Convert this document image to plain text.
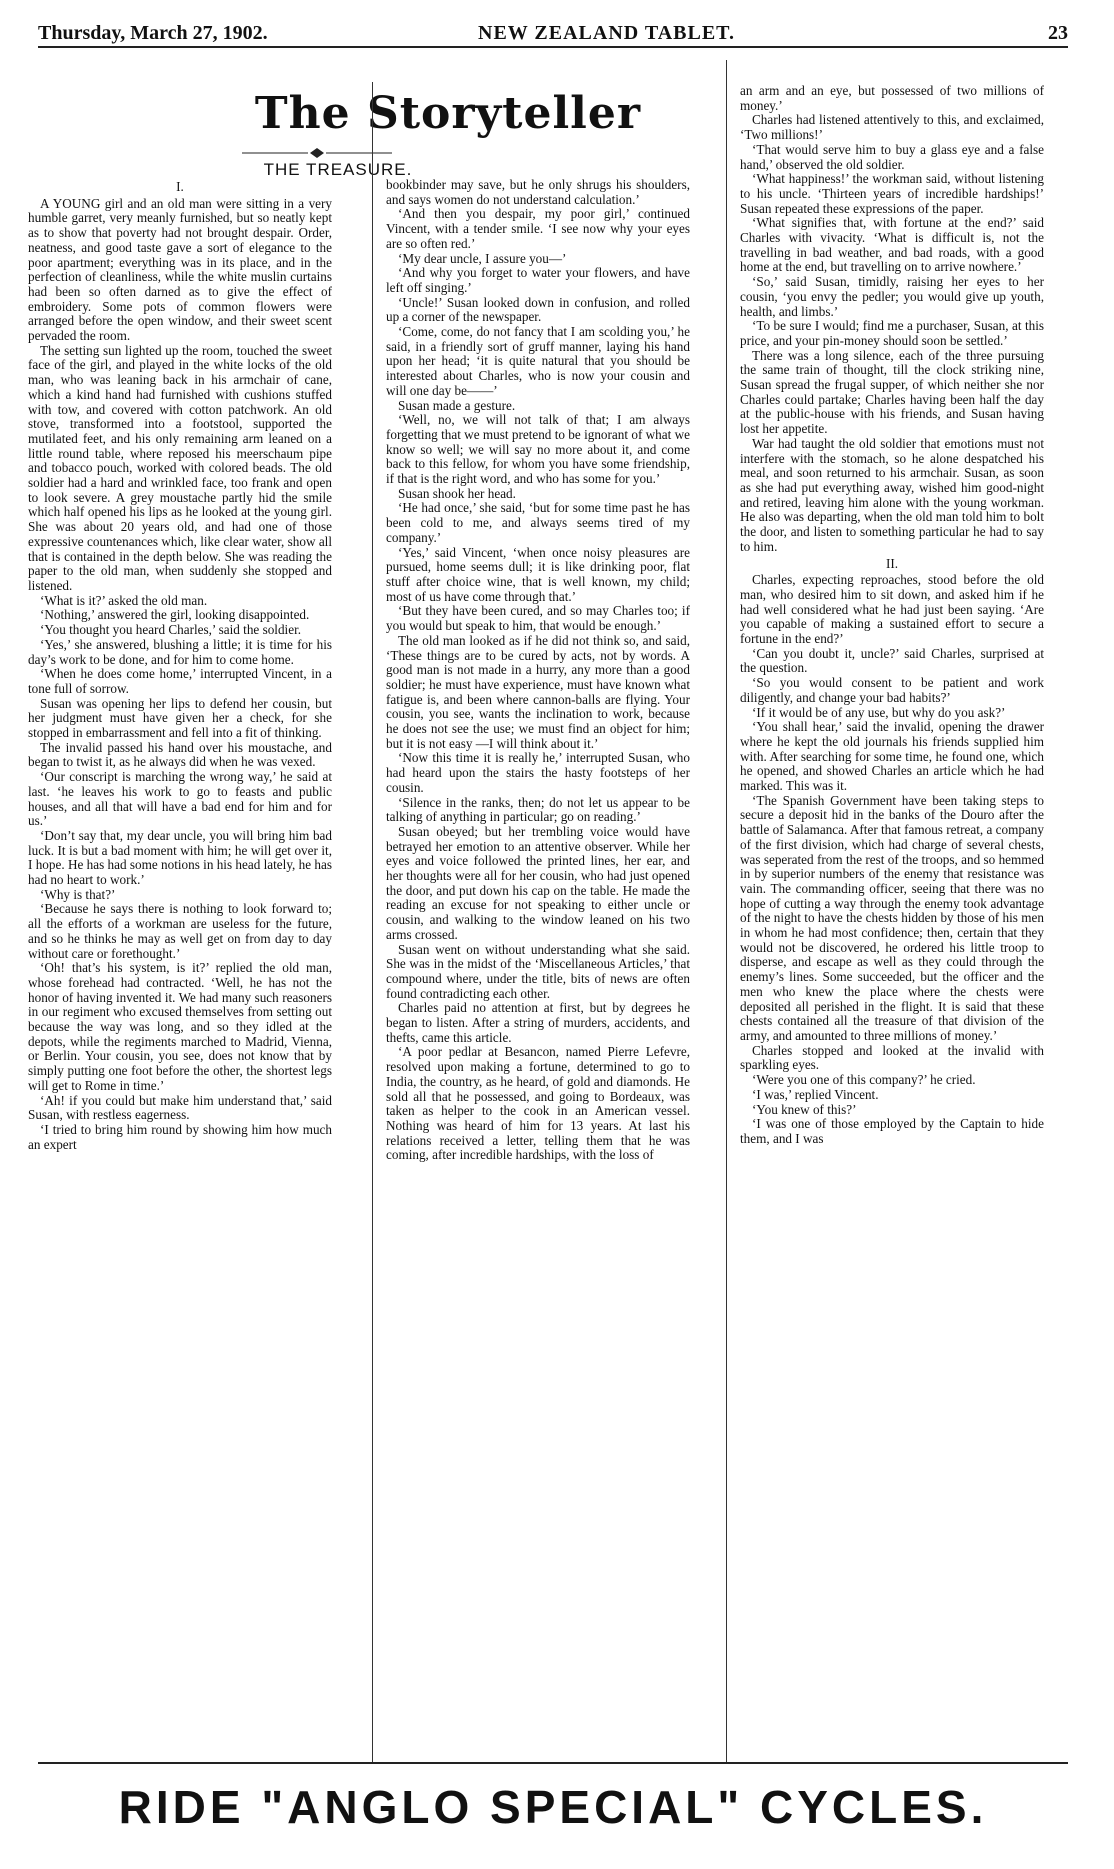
Thursday, March 27, 1902.	NEW ZEALAND TABLET.	23
The Storyteller
THE TREASURE.

I.

A YOUNG girl and an old man were sitting in a very humble garret, very meanly furnished, but so neatly kept as to show that poverty had not brought despair. Order, neatness, and good taste gave a sort of elegance to the poor apartment; everything was in its place, and in the perfection of cleanliness, while the white muslin curtains had been so often darned as to give the effect of embroidery. Some pots of common flowers were arranged before the open window, and their sweet scent pervaded the room.

The setting sun lighted up the room, touched the sweet face of the girl, and played in the white locks of the old man, who was leaning back in his armchair of cane, which a kind hand had furnished with cushions stuffed with tow, and covered with cotton patchwork. An old stove, transformed into a footstool, supported the mutilated feet, and his only remaining arm leaned on a little round table, where reposed his meerschaum pipe and tobacco pouch, worked with colored beads. The old soldier had a hard and wrinkled face, too frank and open to look severe. A grey moustache partly hid the smile which half opened his lips as he looked at the young girl. She was about 20 years old, and had one of those expressive countenances which, like clear water, show all that is contained in the depth below. She was reading the paper to the old man, when suddenly she stopped and listened.

‘What is it?’ asked the old man.

‘Nothing,’ answered the girl, looking disappointed.

‘You thought you heard Charles,’ said the soldier.

‘Yes,’ she answered, blushing a little; it is time for his day’s work to be done, and for him to come home.

‘When he does come home,’ interrupted Vincent, in a tone full of sorrow.

Susan was opening her lips to defend her cousin, but her judgment must have given her a check, for she stopped in embarrassment and fell into a fit of thinking.

The invalid passed his hand over his moustache, and began to twist it, as he always did when he was vexed.

‘Our conscript is marching the wrong way,’ he said at last. ‘he leaves his work to go to feasts and public houses, and all that will have a bad end for him and for us.’

‘Don’t say that, my dear uncle, you will bring him bad luck. It is but a bad moment with him; he will get over it, I hope. He has had some notions in his head lately, he has had no heart to work.’

‘Why is that?’

‘Because he says there is nothing to look forward to; all the efforts of a workman are useless for the future, and so he thinks he may as well get on from day to day without care or forethought.’

‘Oh! that’s his system, is it?’ replied the old man, whose forehead had contracted. ‘Well, he has not the honor of having invented it. We had many such reasoners in our regiment who excused themselves from setting out because the way was long, and so they idled at the depots, while the regiments marched to Madrid, Vienna, or Berlin. Your cousin, you see, does not know that by simply putting one foot before the other, the shortest legs will get to Rome in time.’

‘Ah! if you could but make him understand that,’ said Susan, with restless eagerness.

‘I tried to bring him round by showing him how much an expert

bookbinder may save, but he only shrugs his shoulders, and says women do not understand calculation.’

‘And then you despair, my poor girl,’ continued Vincent, with a tender smile. ‘I see now why your eyes are so often red.’

‘My dear uncle, I assure you—’

‘And why you forget to water your flowers, and have left off singing.’

‘Uncle!’ Susan looked down in confusion, and rolled up a corner of the newspaper.

‘Come, come, do not fancy that I am scolding you,’ he said, in a friendly sort of gruff manner, laying his hand upon her head; ‘it is quite natural that you should be interested about Charles, who is now your cousin and will one day be——’

Susan made a gesture.

‘Well, no, we will not talk of that; I am always forgetting that we must pretend to be ignorant of what we know so well; we will say no more about it, and come back to this fellow, for whom you have some friendship, if that is the right word, and who has some for you.’

Susan shook her head.

‘He had once,’ she said, ‘but for some time past he has been cold to me, and always seems tired of my company.’

‘Yes,’ said Vincent, ‘when once noisy pleasures are pursued, home seems dull; it is like drinking poor, flat stuff after choice wine, that is well known, my child; most of us have come through that.’

‘But they have been cured, and so may Charles too; if you would but speak to him, that would be enough.’

The old man looked as if he did not think so, and said, ‘These things are to be cured by acts, not by words. A good man is not made in a hurry, any more than a good soldier; he must have experience, must have known what fatigue is, and been where cannon-balls are flying. Your cousin, you see, wants the inclination to work, because he does not see the use; we must find an object for him; but it is not easy —I will think about it.’

‘Now this time it is really he,’ interrupted Susan, who had heard upon the stairs the hasty footsteps of her cousin.

‘Silence in the ranks, then; do not let us appear to be talking of anything in particular; go on reading.’

Susan obeyed; but her trembling voice would have betrayed her emotion to an attentive observer. While her eyes and voice followed the printed lines, her ear, and her thoughts were all for her cousin, who had just opened the door, and put down his cap on the table. He made the reading an excuse for not speaking to either uncle or cousin, and walking to the window leaned on his two arms crossed.

Susan went on without understanding what she said. She was in the midst of the ‘Miscellaneous Articles,’ that compound where, under the title, bits of news are often found contradicting each other.

Charles paid no attention at first, but by degrees he began to listen. After a string of murders, accidents, and thefts, came this article.

‘A poor pedlar at Besancon, named Pierre Lefevre, resolved upon making a fortune, determined to go to India, the country, as he heard, of gold and diamonds. He sold all that he possessed, and going to Bordeaux, was taken as helper to the cook in an American vessel. Nothing was heard of him for 13 years. At last his relations received a letter, telling them that he was coming, after incredible hardships, with the loss of

an arm and an eye, but possessed of two millions of money.’

Charles had listened attentively to this, and exclaimed, ‘Two millions!’

‘That would serve him to buy a glass eye and a false hand,’ observed the old soldier.

‘What happiness!’ the workman said, without listening to his uncle. ‘Thirteen years of incredible hardships!’ Susan repeated these expressions of the paper.

‘What signifies that, with fortune at the end?’ said Charles with vivacity. ‘What is difficult is, not the travelling in bad weather, and bad roads, with a good home at the end, but travelling on to arrive nowhere.’

‘So,’ said Susan, timidly, raising her eyes to her cousin, ‘you envy the pedler; you would give up youth, health, and limbs.’

‘To be sure I would; find me a purchaser, Susan, at this price, and your pin-money should soon be settled.’

There was a long silence, each of the three pursuing the same train of thought, till the clock striking nine, Susan spread the frugal supper, of which neither she nor Charles could partake; Charles having been half the day at the public-house with his friends, and Susan having lost her appetite.

War had taught the old soldier that emotions must not interfere with the stomach, so he alone despatched his meal, and soon returned to his armchair. Susan, as soon as she had put everything away, wished him good-night and retired, leaving him alone with the young workman. He also was departing, when the old man told him to bolt the door, and listen to something particular he had to say to him.

II.

Charles, expecting reproaches, stood before the old man, who desired him to sit down, and asked him if he had well considered what he had just been saying. ‘Are you capable of making a sustained effort to secure a fortune in the end?’

‘Can you doubt it, uncle?’ said Charles, surprised at the question.

‘So you would consent to be patient and work diligently, and change your bad habits?’

‘If it would be of any use, but why do you ask?’

‘You shall hear,’ said the invalid, opening the drawer where he kept the old journals his friends supplied him with. After searching for some time, he found one, which he opened, and showed Charles an article which he had marked. This was it.

‘The Spanish Government have been taking steps to secure a deposit hid in the banks of the Douro after the battle of Salamanca. After that famous retreat, a company of the first division, which had charge of several chests, was seperated from the rest of the troops, and so hemmed in by superior numbers of the enemy that resistance was vain. The commanding officer, seeing that there was no hope of cutting a way through the enemy took advantage of the night to have the chests hidden by those of his men in whom he had most confidence; then, certain that they would not be discovered, he ordered his little troop to disperse, and escape as well as they could through the enemy’s lines. Some succeeded, but the officer and the men who knew the place where the chests were deposited all perished in the flight. It is said that these chests contained all the treasure of that division of the army, and amounted to three millions of money.’

Charles stopped and looked at the invalid with sparkling eyes.

‘Were you one of this company?’ he cried.

‘I was,’ replied Vincent.

‘You knew of this?’

‘I was one of those employed by the Captain to hide them, and I was

RIDE "ANGLO SPECIAL" CYCLES.
